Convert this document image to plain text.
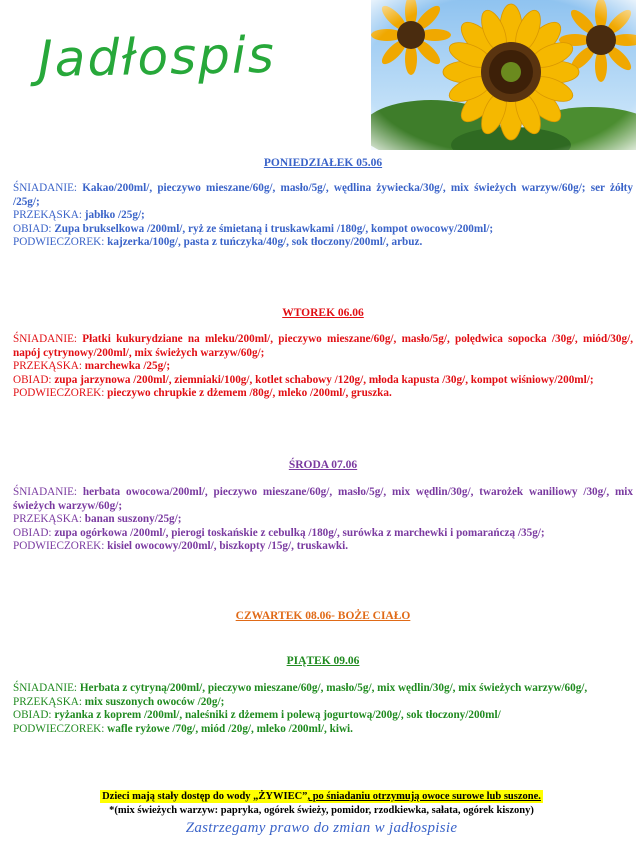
Jadłospis
PONIEDZIAŁEK 05.06
ŚNIADANIE: Kakao/200ml/, pieczywo mieszane/60g/, masło/5g/, wędlina żywiecka/30g/, mix świeżych warzyw/60g/; ser żółty /25g/;
PRZEKĄSKA: jabłko /25g/;
OBIAD: Zupa brukselkowa /200ml/, ryż ze śmietaną i truskawkami /180g/, kompot owocowy/200ml/;
PODWIECZOREK: kajzerka/100g/, pasta z tuńczyka/40g/, sok tłoczony/200ml/, arbuz.
WTOREK 06.06
ŚNIADANIE: Płatki kukurydziane na mleku/200ml/, pieczywo mieszane/60g/, masło/5g/, polędwica sopocka /30g/, miód/30g/, napój cytrynowy/200ml/, mix świeżych warzyw/60g/;
PRZEKĄSKA: marchewka /25g/;
OBIAD: zupa jarzynowa /200ml/, ziemniaki/100g/, kotlet schabowy /120g/, młoda kapusta /30g/, kompot wiśniowy/200ml/;
PODWIECZOREK: pieczywo chrupkie z dżemem /80g/, mleko /200ml/, gruszka.
ŚRODA 07.06
ŚNIADANIE: herbata owocowa/200ml/, pieczywo mieszane/60g/, masło/5g/, mix wędlin/30g/, twarożek waniliowy /30g/, mix świeżych warzyw/60g/;
PRZEKĄSKA: banan suszony/25g/;
OBIAD: zupa ogórkowa /200ml/, pierogi toskańskie z cebulką /180g/, surówka z marchewki i pomarańczą /35g/;
PODWIECZOREK: kisiel owocowy/200ml/, biszkopty /15g/, truskawki.
CZWARTEK 08.06- BOŻE CIAŁO
PIĄTEK 09.06
ŚNIADANIE: Herbata z cytryną/200ml/, pieczywo mieszane/60g/, masło/5g/, mix wędlin/30g/, mix świeżych warzyw/60g/,
PRZEKĄSKA: mix suszonych owoców /20g/;
OBIAD: ryżanka z koprem /200ml/, naleśniki z dżemem i polewą jogurtową/200g/, sok tłoczony/200ml/
PODWIECZOREK: wafle ryżowe /70g/, miód /20g/, mleko /200ml/, kiwi.
Dzieci mają stały dostęp do wody „ŻYWIEC”, po śniadaniu otrzymują owoce surowe lub suszone.
*(mix świeżych warzyw: papryka, ogórek świeży, pomidor, rzodkiewka, sałata, ogórek kiszony)
Zastrzegamy prawo do zmian w jadłospisie
